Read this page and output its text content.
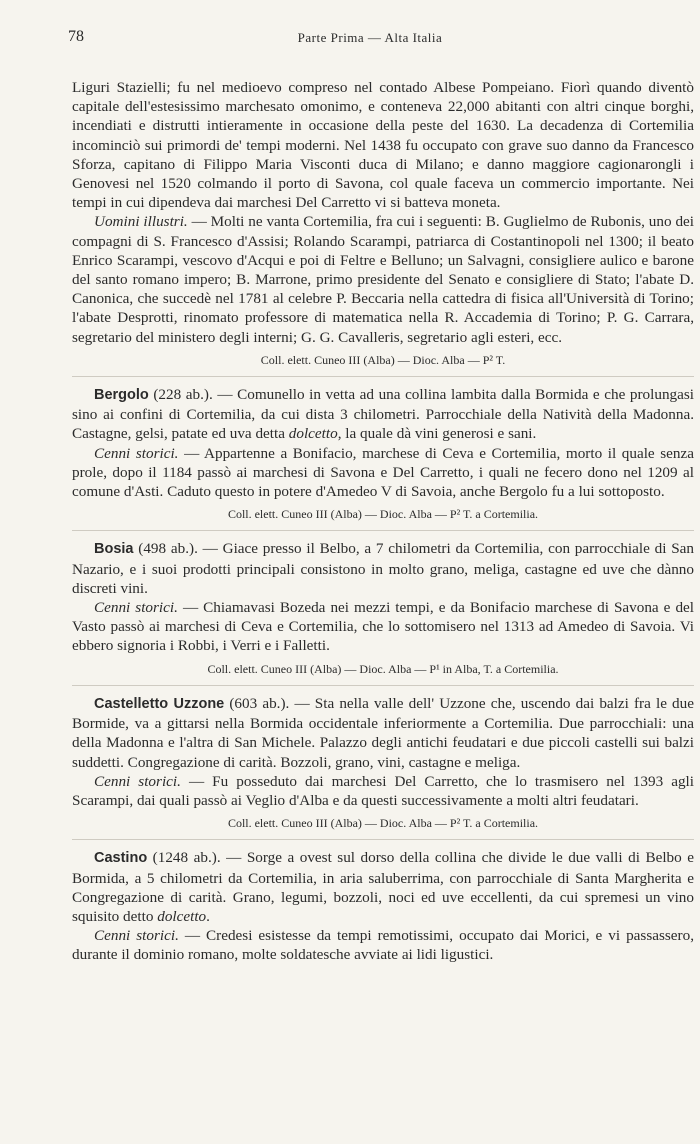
78	Parte Prima — Alta Italia

Liguri Stazielli; fu nel medioevo compreso nel contado Albese Pompeiano. Fiorì quando diventò capitale dell'estesissimo marchesato omonimo, e conteneva 22,000 abitanti con altri cinque borghi, incendiati e distrutti intieramente in occasione della peste del 1630. La decadenza di Cortemilia incominciò sui primordi de' tempi moderni. Nel 1438 fu occupato con grave suo danno da Francesco Sforza, capitano di Filippo Maria Visconti duca di Milano; e danno maggiore cagionarongli i Genovesi nel 1520 colmando il porto di Savona, col quale faceva un commercio importante. Nei tempi in cui dipendeva dai marchesi Del Carretto vi si batteva moneta.

Uomini illustri. — Molti ne vanta Cortemilia, fra cui i seguenti: B. Guglielmo de Rubonis, uno dei compagni di S. Francesco d'Assisi; Rolando Scarampi, patriarca di Costantinopoli nel 1300; il beato Enrico Scarampi, vescovo d'Acqui e poi di Feltre e Belluno; un Salvagni, consigliere aulico e barone del santo romano impero; B. Marrone, primo presidente del Senato e consigliere di Stato; l'abate D. Canonica, che succedè nel 1781 al celebre P. Beccaria nella cattedra di fisica all'Università di Torino; l'abate Desprotti, rinomato professore di matematica nella R. Accademia di Torino; P. G. Carrara, segretario del ministero degli interni; G. G. Cavalleris, segretario agli esteri, ecc.

Coll. elett. Cuneo III (Alba) — Dioc. Alba — P² T.

Bergolo (228 ab.). — Comunello in vetta ad una collina lambita dalla Bormida e che prolungasi sino ai confini di Cortemilia, da cui dista 3 chilometri. Parrocchiale della Natività della Madonna. Castagne, gelsi, patate ed uva detta dolcetto, la quale dà vini generosi e sani.

Cenni storici. — Appartenne a Bonifacio, marchese di Ceva e Cortemilia, morto il quale senza prole, dopo il 1184 passò ai marchesi di Savona e Del Carretto, i quali ne fecero dono nel 1209 al comune d'Asti. Caduto questo in potere d'Amedeo V di Savoia, anche Bergolo fu a lui sottoposto.

Coll. elett. Cuneo III (Alba) — Dioc. Alba — P² T. a Cortemilia.

Bosia (498 ab.). — Giace presso il Belbo, a 7 chilometri da Cortemilia, con parrocchiale di San Nazario, e i suoi prodotti principali consistono in molto grano, meliga, castagne ed uve che dànno discreti vini.

Cenni storici. — Chiamavasi Bozeda nei mezzi tempi, e da Bonifacio marchese di Savona e del Vasto passò ai marchesi di Ceva e Cortemilia, che lo sottomisero nel 1313 ad Amedeo di Savoia. Vi ebbero signoria i Robbi, i Verri e i Falletti.

Coll. elett. Cuneo III (Alba) — Dioc. Alba — P¹ in Alba, T. a Cortemilia.

Castelletto Uzzone (603 ab.). — Sta nella valle dell' Uzzone che, uscendo dai balzi fra le due Bormide, va a gittarsi nella Bormida occidentale inferiormente a Cortemilia. Due parrocchiali: una della Madonna e l'altra di San Michele. Palazzo degli antichi feudatari e due piccoli castelli sui balzi suddetti. Congregazione di carità. Bozzoli, grano, vini, castagne e meliga.

Cenni storici. — Fu posseduto dai marchesi Del Carretto, che lo trasmisero nel 1393 agli Scarampi, dai quali passò ai Veglio d'Alba e da questi successivamente a molti altri feudatari.

Coll. elett. Cuneo III (Alba) — Dioc. Alba — P² T. a Cortemilia.

Castino (1248 ab.). — Sorge a ovest sul dorso della collina che divide le due valli di Belbo e Bormida, a 5 chilometri da Cortemilia, in aria saluberrima, con parrocchiale di Santa Margherita e Congregazione di carità. Grano, legumi, bozzoli, noci ed uve eccellenti, da cui spremesi un vino squisito detto dolcetto.

Cenni storici. — Credesi esistesse da tempi remotissimi, occupato dai Morici, e vi passassero, durante il dominio romano, molte soldatesche avviate ai lidi ligustici.
